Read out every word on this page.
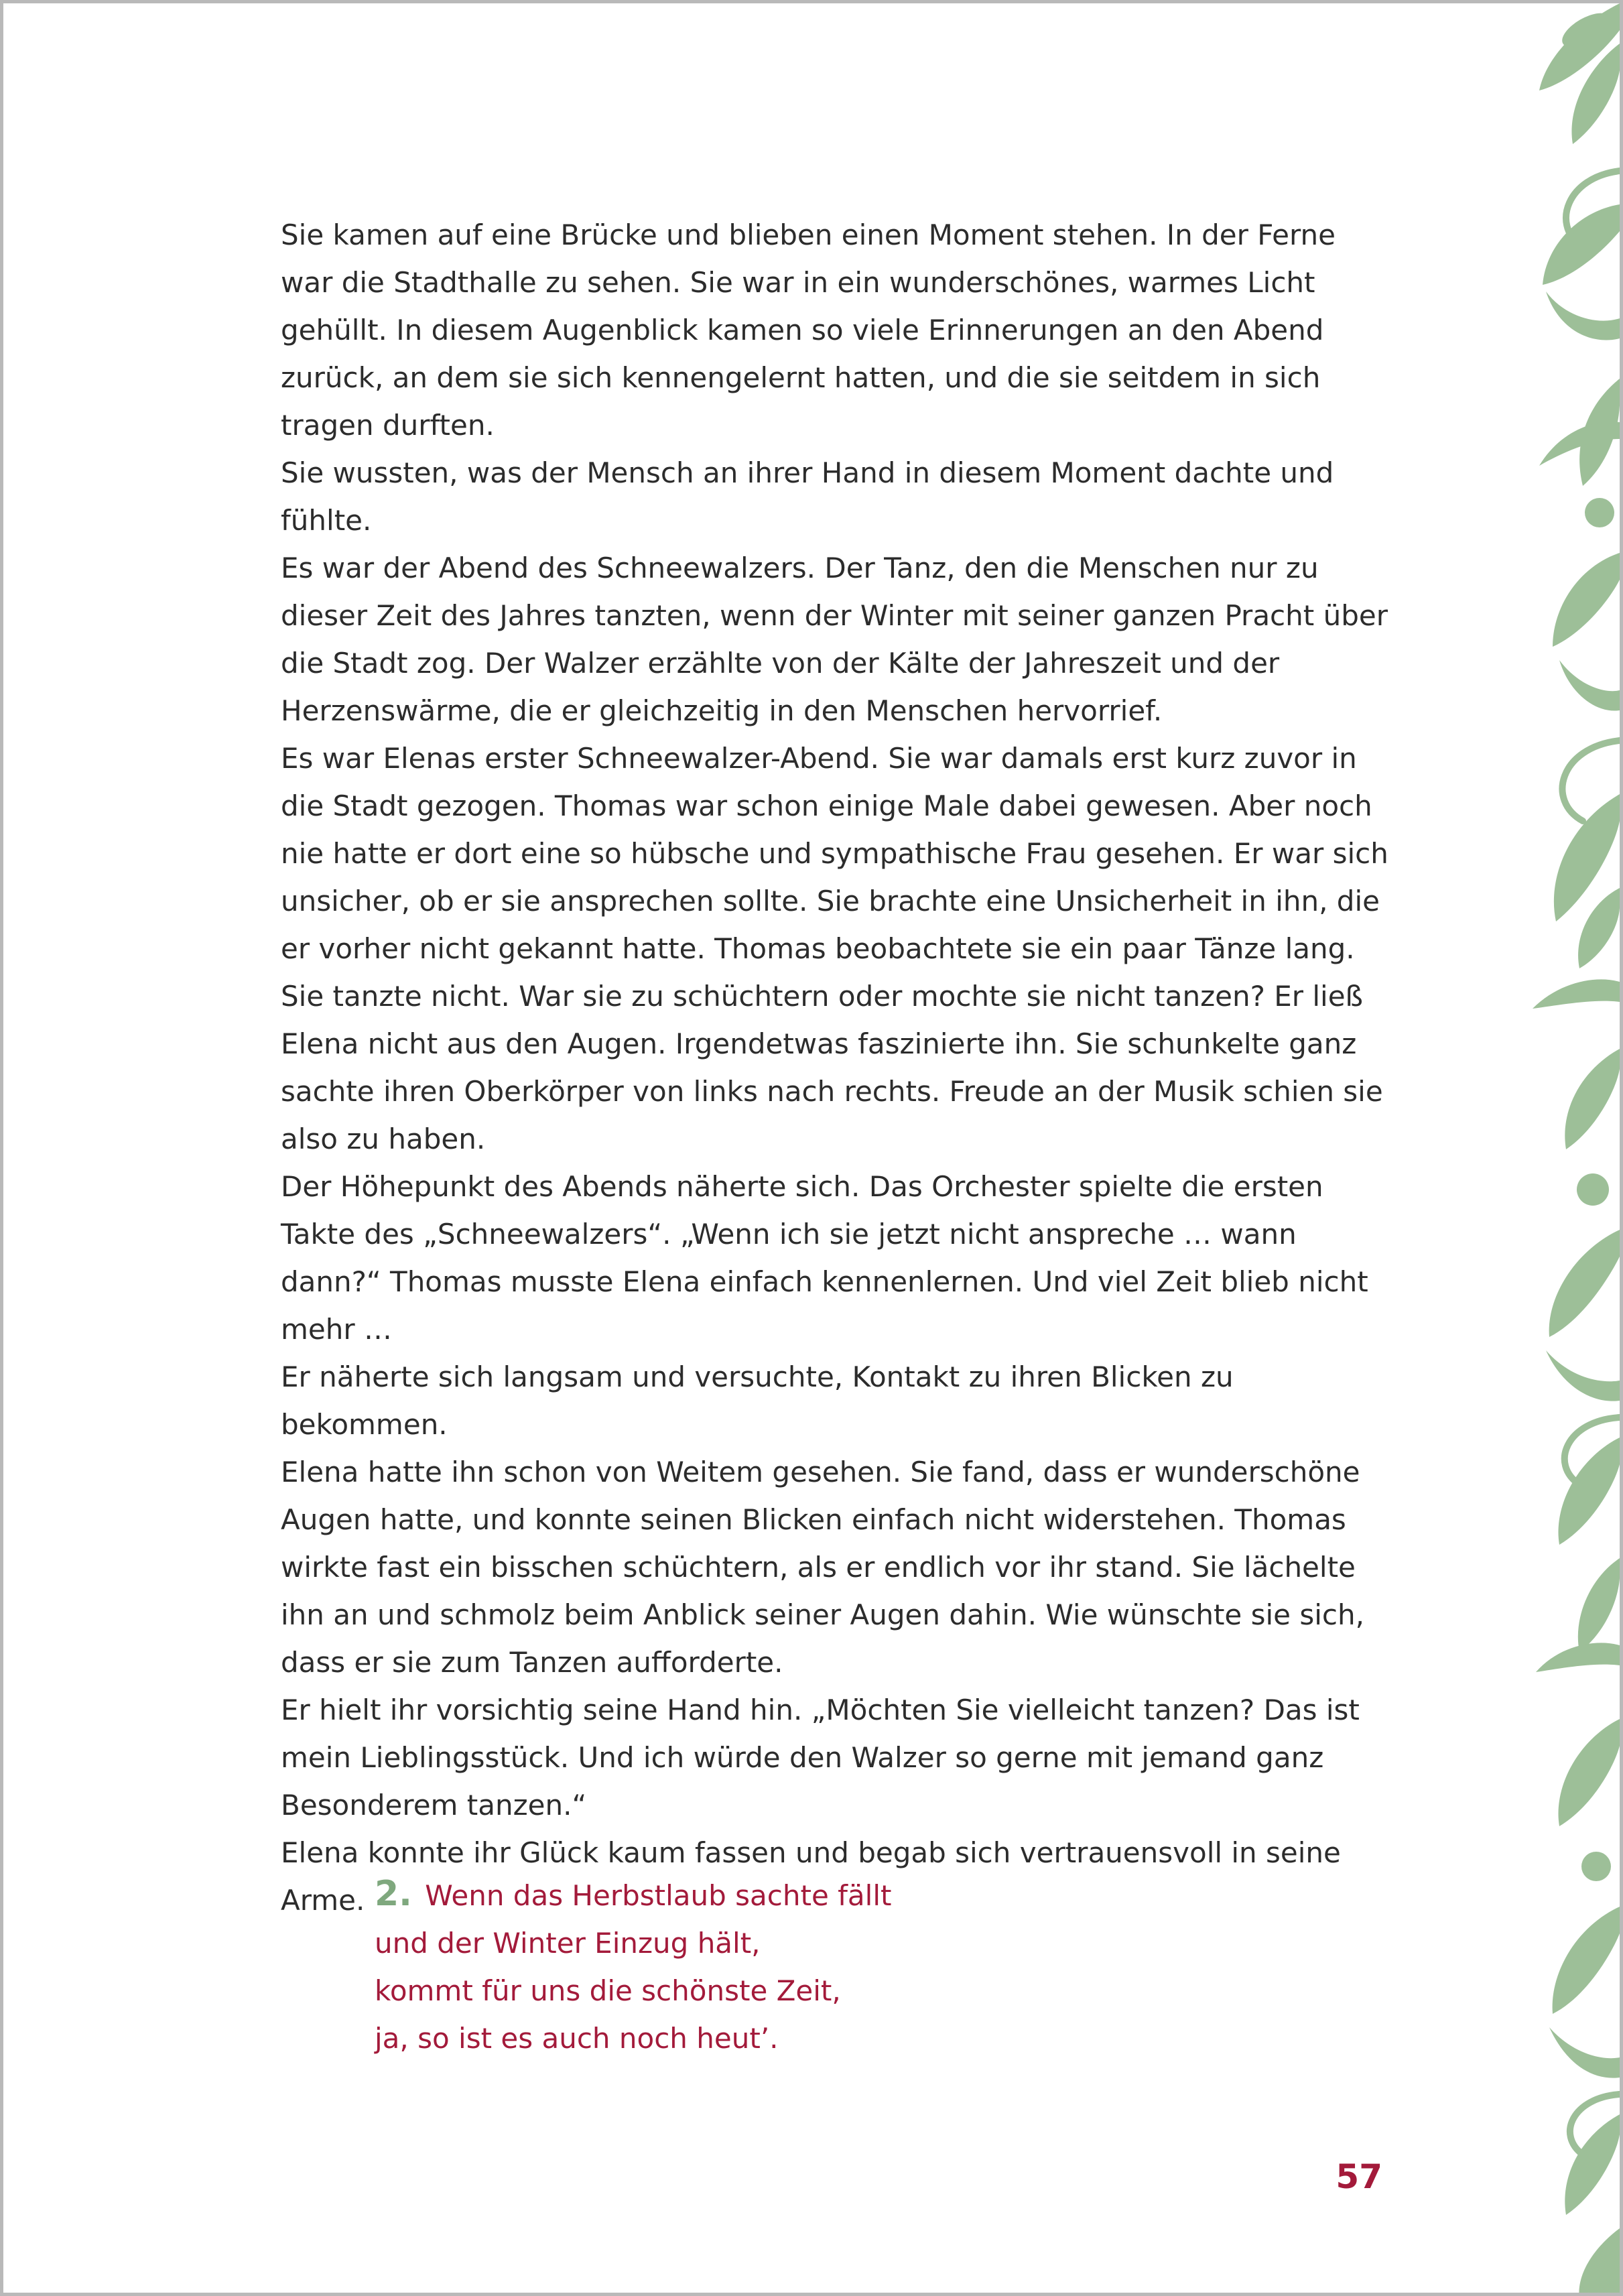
Sie kamen auf eine Brücke und blieben einen Moment stehen. In der Ferne war die Stadthalle zu sehen. Sie war in ein wunderschönes, warmes Licht gehüllt. In diesem Augenblick kamen so viele Erinnerungen an den Abend zurück, an dem sie sich kennengelernt hatten, und die sie seitdem in sich tragen durften.

Sie wussten, was der Mensch an ihrer Hand in diesem Moment dachte und fühlte.

Es war der Abend des Schneewalzers. Der Tanz, den die Menschen nur zu dieser Zeit des Jahres tanzten, wenn der Winter mit seiner ganzen Pracht über die Stadt zog. Der Walzer erzählte von der Kälte der Jahreszeit und der Herzenswärme, die er gleichzeitig in den Menschen hervorrief.

Es war Elenas erster Schneewalzer-Abend. Sie war damals erst kurz zuvor in die Stadt gezogen. Thomas war schon einige Male dabei gewesen. Aber noch nie hatte er dort eine so hübsche und sympathische Frau gesehen. Er war sich unsicher, ob er sie ansprechen sollte. Sie brachte eine Unsicherheit in ihn, die er vorher nicht gekannt hatte. Thomas beobachtete sie ein paar Tänze lang. Sie tanzte nicht. War sie zu schüchtern oder mochte sie nicht tanzen? Er ließ Elena nicht aus den Augen. Irgendetwas faszinierte ihn. Sie schunkelte ganz sachte ihren Oberkörper von links nach rechts. Freude an der Musik schien sie also zu haben.

Der Höhepunkt des Abends näherte sich. Das Orchester spielte die ersten Takte des „Schneewalzers“. „Wenn ich sie jetzt nicht anspreche … wann dann?“ Thomas musste Elena einfach kennenlernen. Und viel Zeit blieb nicht mehr …

Er näherte sich langsam und versuchte, Kontakt zu ihren Blicken zu bekommen.

Elena hatte ihn schon von Weitem gesehen. Sie fand, dass er wunderschöne Augen hatte, und konnte seinen Blicken einfach nicht widerstehen. Thomas wirkte fast ein bisschen schüchtern, als er endlich vor ihr stand. Sie lächelte ihn an und schmolz beim Anblick seiner Augen dahin. Wie wünschte sie sich, dass er sie zum Tanzen aufforderte.

Er hielt ihr vorsichtig seine Hand hin. „Möchten Sie vielleicht tanzen? Das ist mein Lieblingsstück. Und ich würde den Walzer so gerne mit jemand ganz Besonderem tanzen.“

Elena konnte ihr Glück kaum fassen und begab sich vertrauensvoll in seine Arme. 2. Wenn das Herbstlaub sachte fällt
und der Winter Einzug hält,
kommt für uns die schönste Zeit,
ja, so ist es auch noch heut’.
57
